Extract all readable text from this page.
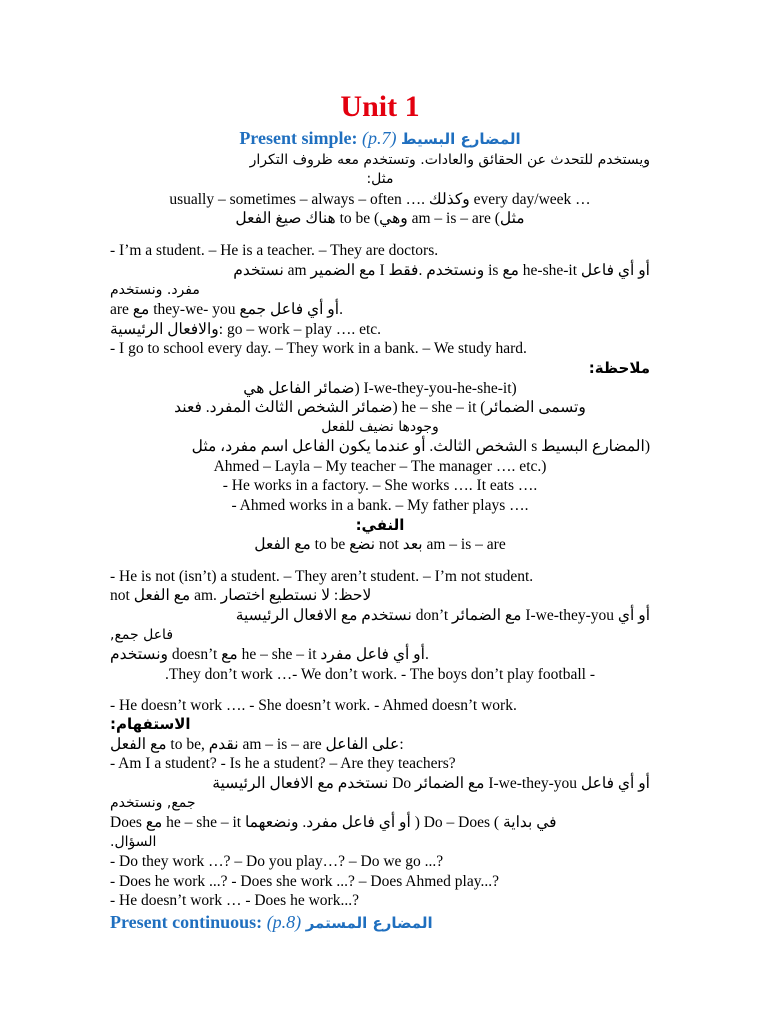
Unit 1
Present simple: (p.7) المضارع البسيط
ويستخدم للتحدث عن الحقائق والعادات. وتستخدم معه ظروف التكرار
مثل:
usually – sometimes – always – often …. وكذلك every day/week …
هناك صيغ الفعل to be (وهي am – is – are (مثل
- I’m a student. – He is a teacher. – They are doctors.
نستخدم am مع الضمير I ونستخدم .فقط is مع he-she-it أو أي فاعل
مفرد. ونستخدم
are مع they-we- you أو أي فاعل جمع.
والافعال الرئيسية: go – work – play …. etc.
- I go to school every day. – They work in a bank. – We study hard.
ملاحظة:
ضمائر الفاعل هي) I-we-they-you-he-she-it)
ضمائر الشخص الثالث المفرد. فعند) he – she – it (وتسمى الضمائر
وجودها نضيف للفعل
الشخص الثالث. أو عندما يكون الفاعل اسم مفرد، مثل s المضارع البسيط)
Ahmed – Layla – My teacher – The manager …. etc.)
- He works in a factory. – She works …. It eats ….
- Ahmed works in a bank. – My father plays ….
النفي:
مع الفعل to be نضع not بعد am – is – are
- He is not (isn’t) a student. – They aren’t student. – I’m not student.
not مع الفعل am. لاحظ: لا نستطيع اختصار
نستخدم مع الافعال الرئيسية don’t مع الضمائر I-we-they-you أو أي
فاعل جمع,
ونستخدم doesn’t مع he – she – it أو أي فاعل مفرد.
.They don’t work …- We don’t work. - The boys don’t play football -
- He doesn’t work …. - She doesn’t work. - Ahmed doesn’t work.
الاستفهام:
مع الفعل to be, نقدم am – is – are على الفاعل:
- Am I a student? - Is he a student? – Are they teachers?
نستخدم مع الافعال الرئيسية Do مع الضمائر I-we-they-you أو أي فاعل
جمع, ونستخدم
Does مع he – she – it أو أي فاعل مفرد. ونضعهما ) Do – Does ( في بداية
السؤال.
- Do they work …? – Do you play…? – Do we go ...?
- Does he work ...? - Does she work ...? – Does Ahmed play...?
- He doesn’t work … - Does he work...?
Present continuous: (p.8) المضارع المستمر
